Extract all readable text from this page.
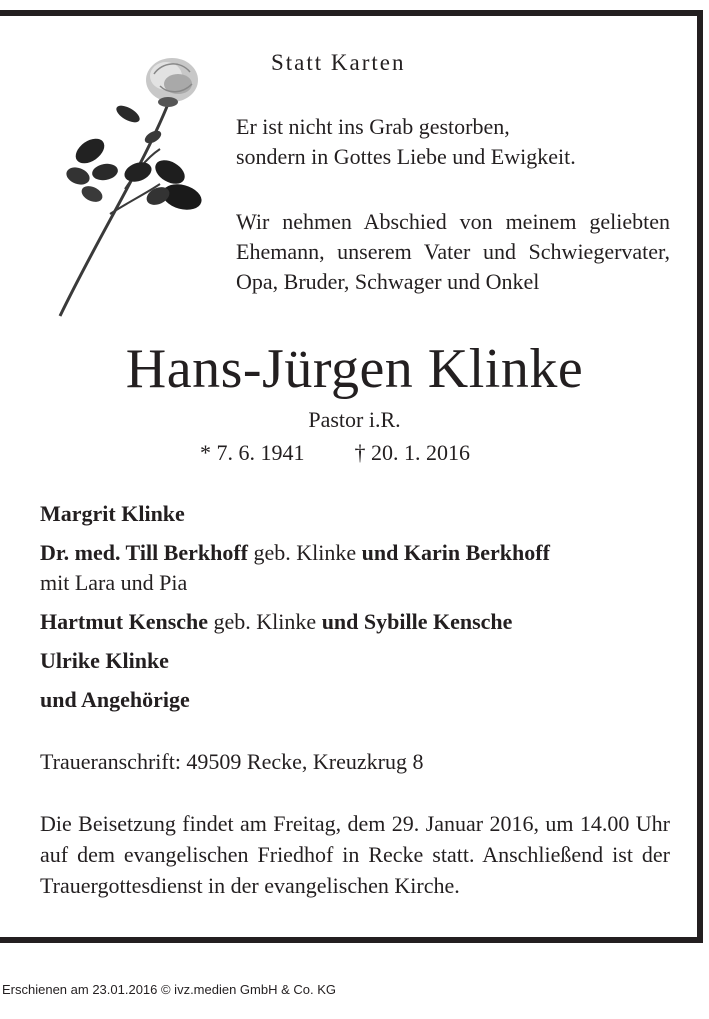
Statt Karten
Er ist nicht ins Grab gestorben,
sondern in Gottes Liebe und Ewigkeit.
Wir nehmen Abschied von meinem geliebten Ehemann, unserem Vater und Schwiegervater, Opa, Bruder, Schwager und Onkel
Hans-Jürgen Klinke
Pastor i.R.
* 7. 6. 1941 † 20. 1. 2016
Margrit Klinke
Dr. med. Till Berkhoff geb. Klinke und Karin Berkhoff
mit Lara und Pia
Hartmut Kensche geb. Klinke und Sybille Kensche
Ulrike Klinke
und Angehörige
Traueranschrift: 49509 Recke, Kreuzkrug 8
Die Beisetzung findet am Freitag, dem 29. Januar 2016, um 14.00 Uhr auf dem evangelischen Friedhof in Recke statt. Anschließend ist der Trauergottesdienst in der evangelischen Kirche.
Erschienen am 23.01.2016 © ivz.medien GmbH & Co. KG
